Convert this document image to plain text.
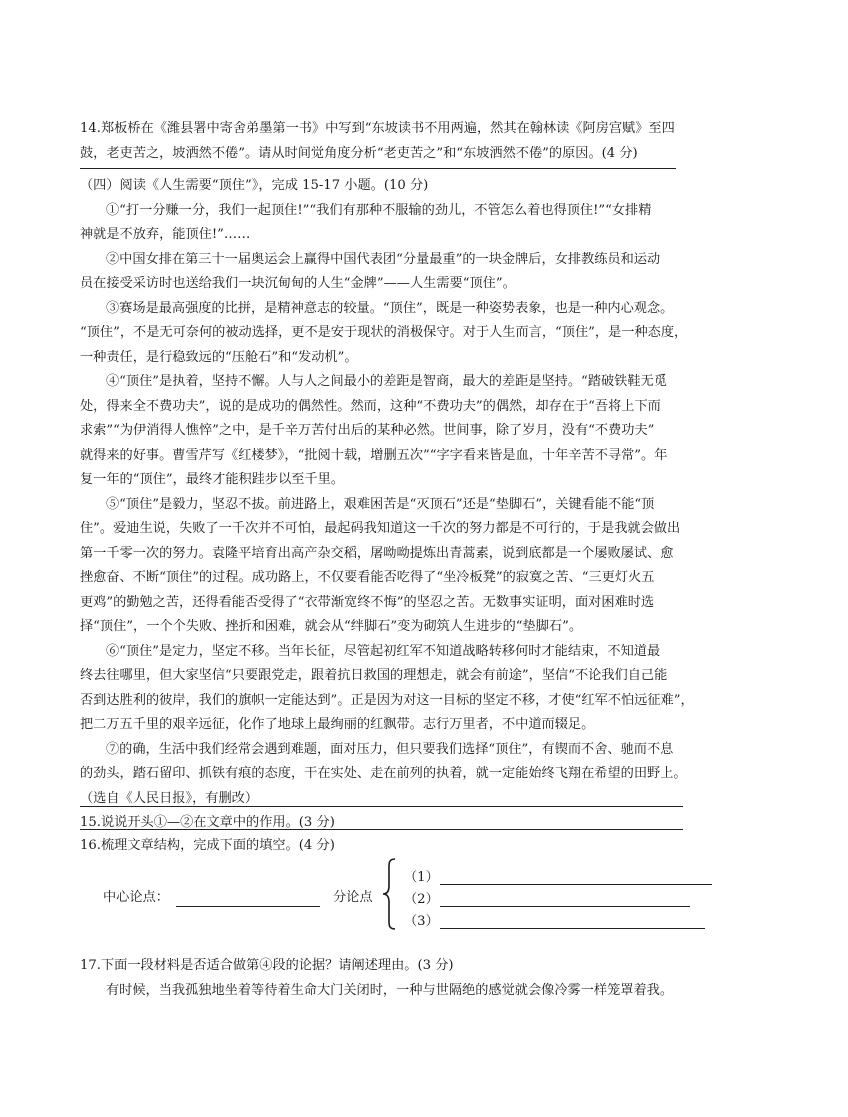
14.郑板桥在《潍县署中寄舍弟墨第一书》中写到“东坡读书不用两遍，然其在翰林读《阿房宫赋》至四
鼓，老吏苦之，坡洒然不倦”。请从时间觉角度分析“老吏苦之”和“东坡洒然不倦”的原因。(4 分)
（四）阅读《人生需要“顶住”》，完成 15-17 小题。(10 分)
①“打一分赚一分，我们一起顶住!”“我们有那种不服输的劲儿，不管怎么着也得顶住!”“女排精
神就是不放弃，能顶住!”……
②中国女排在第三十一届奥运会上赢得中国代表团“分量最重”的一块金牌后，女排教练员和运动
员在接受采访时也送给我们一块沉甸甸的人生“金牌”——人生需要“顶住”。
③赛场是最高强度的比拼，是精神意志的较量。“顶住”，既是一种姿势表象，也是一种内心观念。
“顶住”，不是无可奈何的被动选择，更不是安于现状的消极保守。对于人生而言，“顶住”，是一种态度，
一种责任，是行稳致远的“压舱石”和“发动机”。
④“顶住”是执着，坚持不懈。人与人之间最小的差距是智商，最大的差距是坚持。“踏破铁鞋无觅
处，得来全不费功夫”，说的是成功的偶然性。然而，这种“不费功夫”的偶然，却存在于“吾将上下而
求索”“为伊消得人憔悴”之中，是千辛万苦付出后的某种必然。世间事，除了岁月，没有“不费功夫”
就得来的好事。曹雪芹写《红楼梦》，“批阅十载，增删五次”“字字看来皆是血，十年辛苦不寻常”。年
复一年的“顶住”，最终才能积跬步以至千里。
⑤“顶住”是毅力，坚忍不拔。前进路上，艰难困苦是“灭顶石”还是“垫脚石”，关键看能不能“顶
住”。爱迪生说，失败了一千次并不可怕，最起码我知道这一千次的努力都是不可行的，于是我就会做出
第一千零一次的努力。袁隆平培育出高产杂交稻，屠呦呦提炼出青蒿素，说到底都是一个屡败屡试、愈
挫愈奋、不断“顶住”的过程。成功路上，不仅要看能否吃得了“坐冷板凳”的寂寞之苦、“三更灯火五
更鸡”的勤勉之苦，还得看能否受得了“衣带渐宽终不悔”的坚忍之苦。无数事实证明，面对困难时选
择“顶住”，一个个失败、挫折和困难，就会从“绊脚石”变为砌筑人生进步的“垫脚石”。
⑥“顶住”是定力，坚定不移。当年长征，尽管起初红军不知道战略转移何时才能结束，不知道最
终去往哪里，但大家坚信“只要跟党走，跟着抗日救国的理想走，就会有前途”，坚信“不论我们自己能
否到达胜利的彼岸，我们的旗帜一定能达到”。正是因为对这一目标的坚定不移，才使“红军不怕远征难”，
把二万五千里的艰辛远征，化作了地球上最绚丽的红飘带。志行万里者，不中道而辍足。
⑦的确，生活中我们经常会遇到难题，面对压力，但只要我们选择“顶住”，有锲而不舍、驰而不息
的劲头，踏石留印、抓铁有痕的态度，干在实处、走在前列的执着，就一定能始终飞翔在希望的田野上。
（选自《人民日报》，有删改）
15.说说开头①—②在文章中的作用。(3 分)
16.梳理文章结构，完成下面的填空。(4 分)
中心论点：	分论点
（1）
（2）
（3）
17.下面一段材料是否适合做第④段的论据？请阐述理由。(3 分)
有时候，当我孤独地坐着等待着生命大门关闭时，一种与世隔绝的感觉就会像冷雾一样笼罩着我。
